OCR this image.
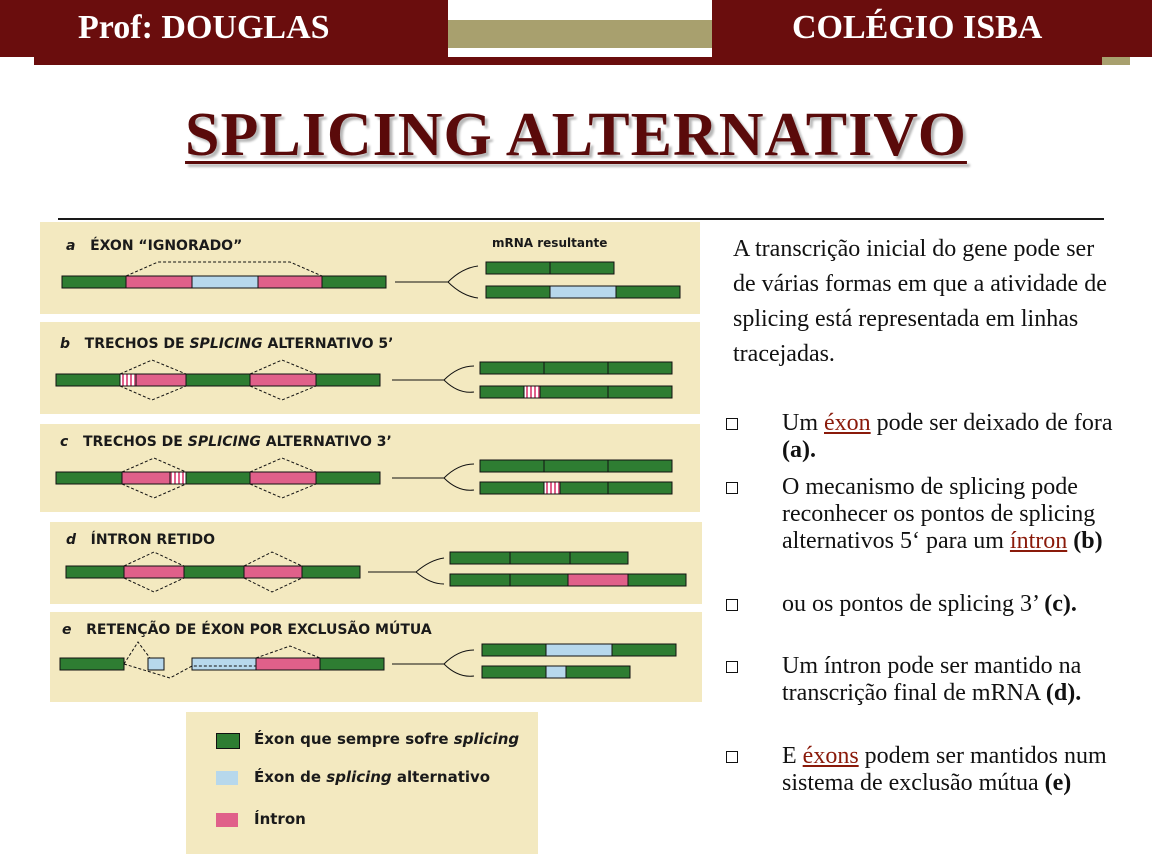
Prof: DOUGLAS	COLÉGIO ISBA
SPLICING ALTERNATIVO
a ÉXON “IGNORADO”	mRNA resultante
b TRECHOS DE SPLICING ALTERNATIVO 5’
c TRECHOS DE SPLICING ALTERNATIVO 3’
d ÍNTRON RETIDO
e RETENÇÃO DE ÉXON POR EXCLUSÃO MÚTUA
Éxon que sempre sofre splicing
Éxon de splicing alternativo
Íntron
A transcrição inicial do gene pode ser de várias formas em que a atividade de splicing está representada em linhas tracejadas.
Um éxon pode ser deixado de fora (a).
O mecanismo de splicing pode reconhecer os pontos de splicing alternativos 5‘ para um íntron (b)
ou os pontos de splicing 3’ (c).
Um íntron pode ser mantido na transcrição final de mRNA (d).
E éxons podem ser mantidos num sistema de exclusão mútua (e)
